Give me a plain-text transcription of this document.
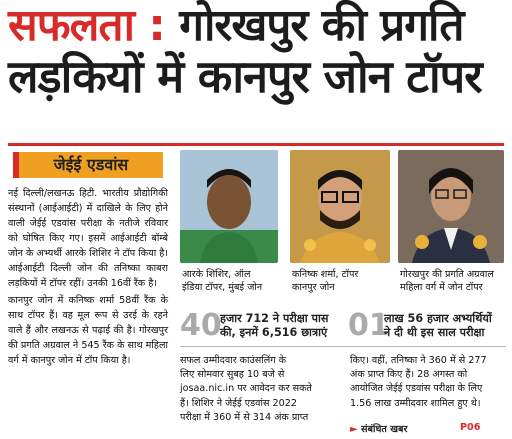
सफलता : गोरखपुर की प्रगति
लड़कियों में कानपुर जोन टॉपर
जेईई एडवांस

नई दिल्ली/लखनऊ हिटी. भारतीय प्रौद्योगिकी संस्थानों (आईआईटी) में दाखिले के लिए होने वाली जेईई एडवांस परीक्षा के नतीजे रविवार को घोषित किए गए। इसमें आईआईटी बॉम्बे जोन के अभ्यर्थी आरके शिशिर ने टॉप किया है। आईआईटी दिल्ली जोन की तनिष्का काबरा लड़कियों में टॉपर रहीं। उनकी 16वीं रैंक है।

कानपुर जोन में कनिष्क शर्मा 58वीं रैंक के साथ टॉपर हैं। वह मूल रूप से उरई के रहने वाले हैं और लखनऊ से पढ़ाई की है। गोरखपुर की प्रगति अग्रवाल ने 545 रैंक के साथ महिला वर्ग में कानपुर जोन में टॉप किया है।

आरके शिशिर, ऑल
इंडिया टॉपर, मुंबई जोन
कनिष्क शर्मा, टॉपर
कानपुर जोन
गोरखपुर की प्रगति अग्रवाल
महिला वर्ग में जोन टॉपर
40
हजार 712 ने परीक्षा पास
की, इनमें 6,516 छात्राएं 01
लाख 56 हजार अभ्यर्थियों
ने दी थी इस साल परीक्षा
सफल उम्मीदवार काउंसलिंग के
लिए सोमवार सुबह 10 बजे से
josaa.nic.in पर आवेदन कर सकते
हैं। शिशिर ने जेईई एडवांस 2022
परीक्षा में 360 में से 314 अंक प्राप्त
किए। वहीं, तनिष्का ने 360 में से 277
अंक प्राप्त किए हैं। 28 अगस्त को
आयोजित जेईई एडवांस परीक्षा के लिए
1.56 लाख उम्मीदवार शामिल हुए थे।
► संबंधित खबर	P06
